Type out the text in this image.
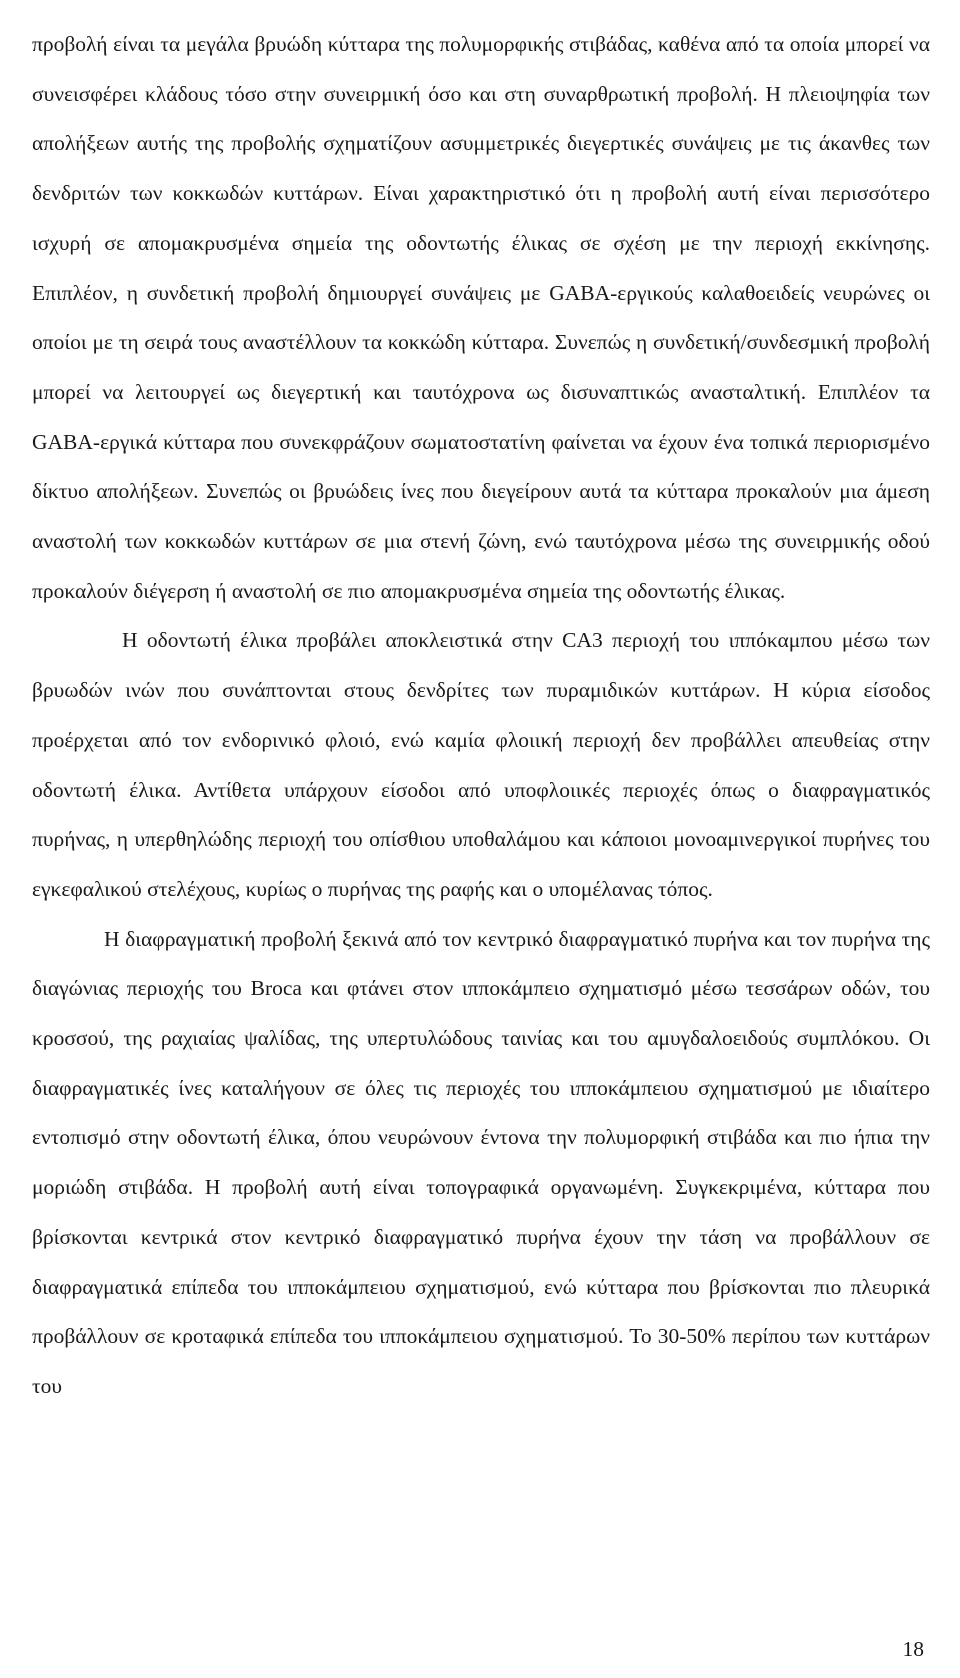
προβολή είναι τα μεγάλα βρυώδη κύτταρα της πολυμορφικής στιβάδας, καθένα από τα οποία μπορεί να συνεισφέρει κλάδους τόσο στην συνειρμική όσο και στη συναρθρωτική προβολή. Η πλειοψηφία των απολήξεων αυτής της προβολής σχηματίζουν ασυμμετρικές διεγερτικές συνάψεις με τις άκανθες των δενδριτών των κοκκωδών κυττάρων. Είναι χαρακτηριστικό ότι η προβολή αυτή είναι περισσότερο ισχυρή σε απομακρυσμένα σημεία της οδοντωτής έλικας σε σχέση με την περιοχή εκκίνησης. Επιπλέον, η συνδετική προβολή δημιουργεί συνάψεις με GABA-εργικούς καλαθοειδείς νευρώνες οι οποίοι με τη σειρά τους αναστέλλουν τα κοκκώδη κύτταρα. Συνεπώς η συνδετική/συνδεσμική προβολή μπορεί να λειτουργεί ως διεγερτική και ταυτόχρονα ως δισυναπτικώς ανασταλτική. Επιπλέον τα GABA-εργικά κύτταρα που συνεκφράζουν σωματοστατίνη φαίνεται να έχουν ένα τοπικά περιορισμένο δίκτυο απολήξεων. Συνεπώς οι βρυώδεις ίνες που διεγείρουν αυτά τα κύτταρα προκαλούν μια άμεση αναστολή των κοκκωδών κυττάρων σε μια στενή ζώνη, ενώ ταυτόχρονα μέσω της συνειρμικής οδού προκαλούν διέγερση ή αναστολή σε πιο απομακρυσμένα σημεία της οδοντωτής έλικας.

Η οδοντωτή έλικα προβάλει αποκλειστικά στην CA3 περιοχή του ιππόκαμπου μέσω των βρυωδών ινών που συνάπτονται στους δενδρίτες των πυραμιδικών κυττάρων. Η κύρια είσοδος προέρχεται από τον ενδορινικό φλοιό, ενώ καμία φλοιική περιοχή δεν προβάλλει απευθείας στην οδοντωτή έλικα. Αντίθετα υπάρχουν είσοδοι από υποφλοιικές περιοχές όπως ο διαφραγματικός πυρήνας, η υπερθηλώδης περιοχή του οπίσθιου υποθαλάμου και κάποιοι μονοαμινεργικοί πυρήνες του εγκεφαλικού στελέχους, κυρίως ο πυρήνας της ραφής και ο υπομέλανας τόπος.

Η διαφραγματική προβολή ξεκινά από τον κεντρικό διαφραγματικό πυρήνα και τον πυρήνα της διαγώνιας περιοχής του Broca και φτάνει στον ιπποκάμπειο σχηματισμό μέσω τεσσάρων οδών, του κροσσού, της ραχιαίας ψαλίδας, της υπερτυλώδους ταινίας και του αμυγδαλοειδούς συμπλόκου. Οι διαφραγματικές ίνες καταλήγουν σε όλες τις περιοχές του ιπποκάμπειου σχηματισμού με ιδιαίτερο εντοπισμό στην οδοντωτή έλικα, όπου νευρώνουν έντονα την πολυμορφική στιβάδα και πιο ήπια την μοριώδη στιβάδα. Η προβολή αυτή είναι τοπογραφικά οργανωμένη. Συγκεκριμένα, κύτταρα που βρίσκονται κεντρικά στον κεντρικό διαφραγματικό πυρήνα έχουν την τάση να προβάλλουν σε διαφραγματικά επίπεδα του ιπποκάμπειου σχηματισμού, ενώ κύτταρα που βρίσκονται πιο πλευρικά προβάλλουν σε κροταφικά επίπεδα του ιπποκάμπειου σχηματισμού. Το 30-50% περίπου των κυττάρων του

18
